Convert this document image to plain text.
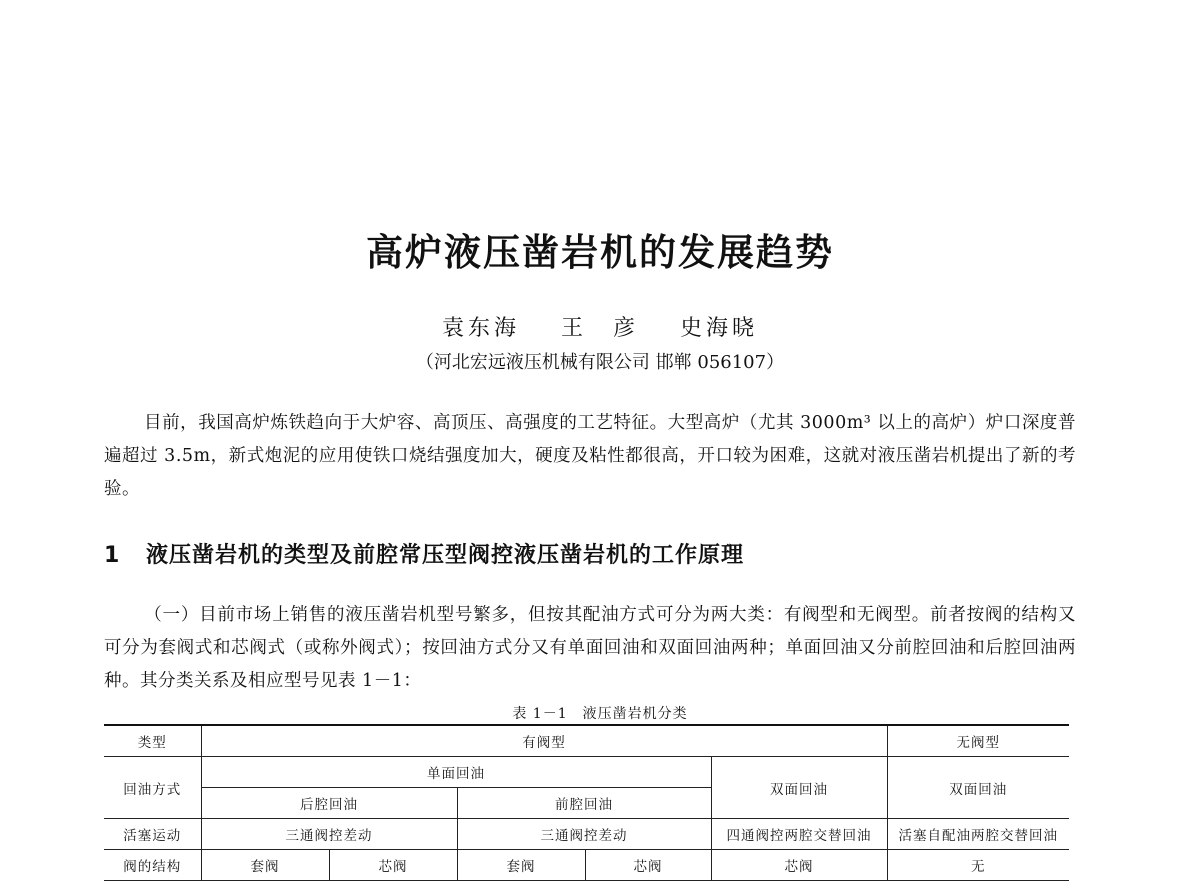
高炉液压凿岩机的发展趋势
袁东海 王　彦 史海晓
（河北宏远液压机械有限公司 邯郸 056107）
目前，我国高炉炼铁趋向于大炉容、高顶压、高强度的工艺特征。大型高炉（尤其 3000m³ 以上的高炉）炉口深度普遍超过 3.5m，新式炮泥的应用使铁口烧结强度加大，硬度及粘性都很高，开口较为困难，这就对液压凿岩机提出了新的考验。
1 液压凿岩机的类型及前腔常压型阀控液压凿岩机的工作原理
（一）目前市场上销售的液压凿岩机型号繁多，但按其配油方式可分为两大类：有阀型和无阀型。前者按阀的结构又可分为套阀式和芯阀式（或称外阀式）；按回油方式分又有单面回油和双面回油两种；单面回油又分前腔回油和后腔回油两种。其分类关系及相应型号见表 1－1：
表 1－1　液压凿岩机分类
类型	有阀型					无阀型
回油方式	单面回油				双面回油	双面回油
	后腔回油		前腔回油			
活塞运动	三通阀控差动		三通阀控差动		四通阀控两腔交替回油	活塞自配油两腔交替回油
阀的结构	套阀	芯阀	套阀	芯阀	芯阀	无
